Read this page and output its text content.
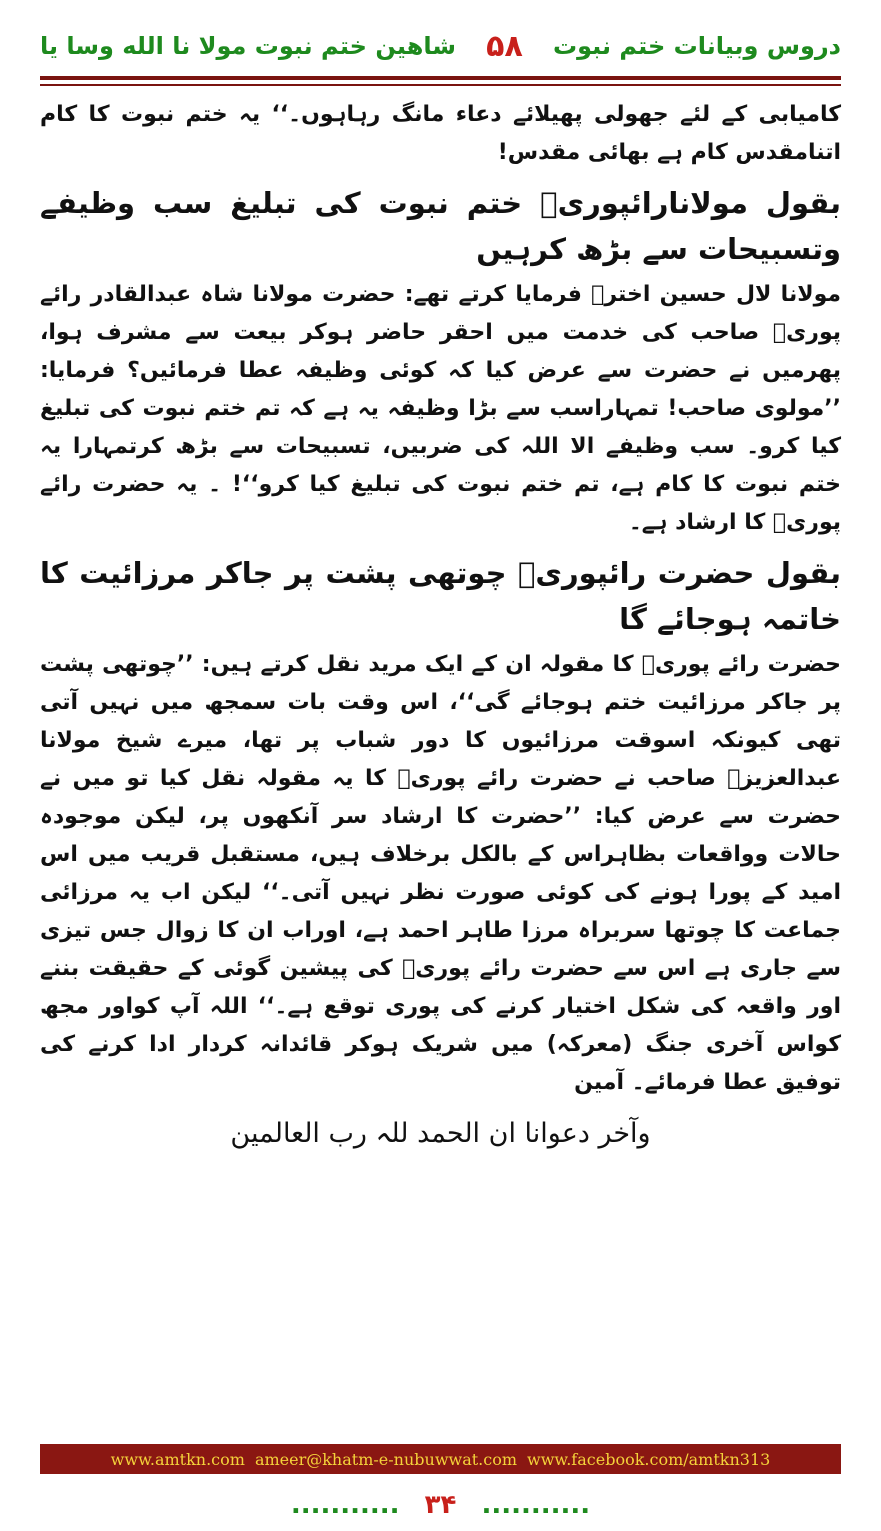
دروس وبیانات ختم نبوت
۵۸
شاهین ختم نبوت مولا نا الله وسا یا

کامیابی کے لئے جھولی پھیلائے دعاء مانگ رہاہوں۔‘‘ یہ ختم نبوت کا کام اتنامقدس کام ہے بھائی مقدس!

بقول مولانارائپوریؒ ختم نبوت کی تبلیغ سب وظیفے وتسبیحات سے بڑھ کرہیں

مولانا لال حسین اخترؒ فرمایا کرتے تھے: حضرت مولانا شاہ عبدالقادر رائے پوریؒ صاحب کی خدمت میں احقر حاضر ہوکر بیعت سے مشرف ہوا، پھرمیں نے حضرت سے عرض کیا کہ کوئی وظیفہ عطا فرمائیں؟ فرمایا: ’’مولوی صاحب! تمہاراسب سے بڑا وظیفہ یہ ہے کہ تم ختم نبوت کی تبلیغ کیا کرو۔ سب وظیفے الا اللہ کی ضربیں، تسبیحات سے بڑھ کرتمہارا یہ ختم نبوت کا کام ہے، تم ختم نبوت کی تبلیغ کیا کرو‘‘! ۔ یہ حضرت رائے پوریؒ کا ارشاد ہے۔

بقول حضرت رائپوریؒ چوتھی پشت پر جاکر مرزائیت کا خاتمہ ہوجائے گا

حضرت رائے پوریؒ کا مقولہ ان کے ایک مرید نقل کرتے ہیں: ’’چوتھی پشت پر جاکر مرزائیت ختم ہوجائے گی‘‘، اس وقت بات سمجھ میں نہیں آتی تھی کیونکہ اسوقت مرزائیوں کا دور شباب پر تھا، میرے شیخ مولانا عبدالعزیزؒ صاحب نے حضرت رائے پوریؒ کا یہ مقولہ نقل کیا تو میں نے حضرت سے عرض کیا: ’’حضرت کا ارشاد سر آنکھوں پر، لیکن موجودہ حالات وواقعات بظاہراس کے بالکل برخلاف ہیں، مستقبل قریب میں اس امید کے پورا ہونے کی کوئی صورت نظر نہیں آتی۔‘‘ لیکن اب یہ مرزائی جماعت کا چوتھا سربراہ مرزا طاہر احمد ہے، اوراب ان کا زوال جس تیزی سے جاری ہے اس سے حضرت رائے پوریؒ کی پیشین گوئی کے حقیقت بننے اور واقعہ کی شکل اختیار کرنے کی پوری توقع ہے۔‘‘ اللہ آپ کواور مجھ کواس آخری جنگ (معرکہ) میں شریک ہوکر قائدانہ کردار ادا کرنے کی توفیق عطا فرمائے۔ آمین

وآخر دعوانا ان الحمد للہ رب العالمین
www.amtkn.com ameer@khatm-e-nubuwwat.com www.facebook.com/amtkn313
........... ۳۴ ...........
